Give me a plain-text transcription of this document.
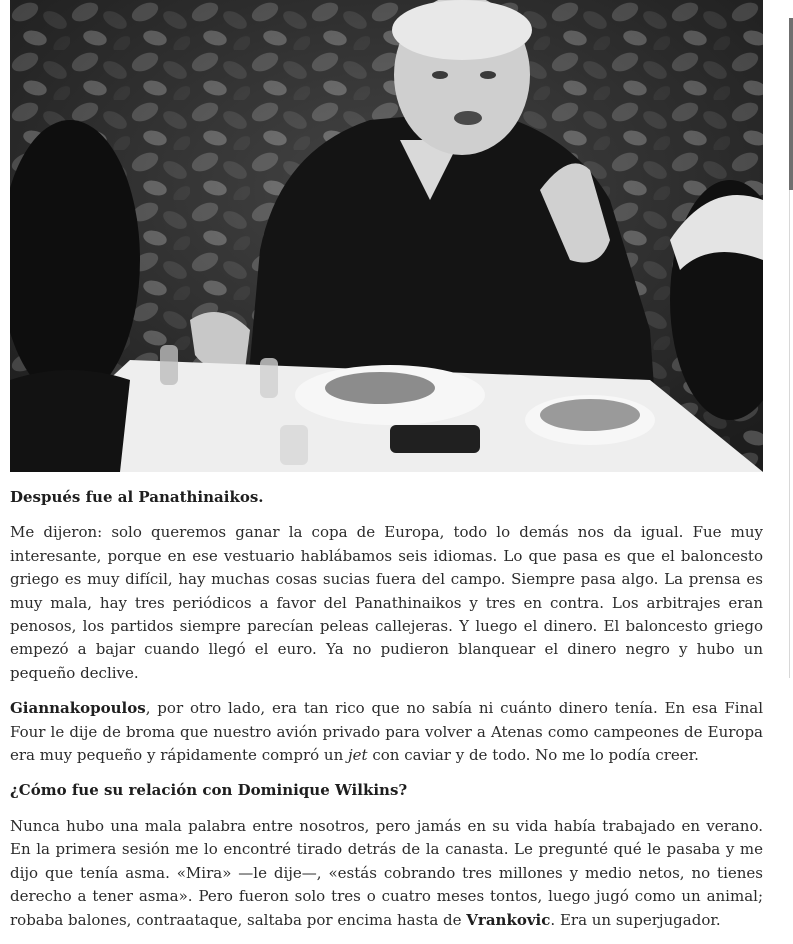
Después fue al Panathinaikos.

Me dijeron: solo queremos ganar la copa de Europa, todo lo demás nos da igual. Fue muy interesante, porque en ese vestuario hablábamos seis idiomas. Lo que pasa es que el baloncesto griego es muy difícil, hay muchas cosas sucias fuera del campo. Siempre pasa algo. La prensa es muy mala, hay tres periódicos a favor del Panathinaikos y tres en contra. Los arbitrajes eran penosos, los partidos siempre parecían peleas callejeras. Y luego el dinero. El baloncesto griego empezó a bajar cuando llegó el euro. Ya no pudieron blanquear el dinero negro y hubo un pequeño declive.

Giannakopoulos, por otro lado, era tan rico que no sabía ni cuánto dinero tenía. En esa Final Four le dije de broma que nuestro avión privado para volver a Atenas como campeones de Europa era muy pequeño y rápidamente compró un jet con caviar y de todo. No me lo podía creer.

¿Cómo fue su relación con Dominique Wilkins?

Nunca hubo una mala palabra entre nosotros, pero jamás en su vida había trabajado en verano. En la primera sesión me lo encontré tirado detrás de la canasta. Le pregunté qué le pasaba y me dijo que tenía asma. «Mira» —le dije—, «estás cobrando tres millones y medio netos, no tienes derecho a tener asma». Pero fueron solo tres o cuatro meses tontos, luego jugó como un animal; robaba balones, contraataque, saltaba por encima hasta de Vrankovic. Era un superjugador.
